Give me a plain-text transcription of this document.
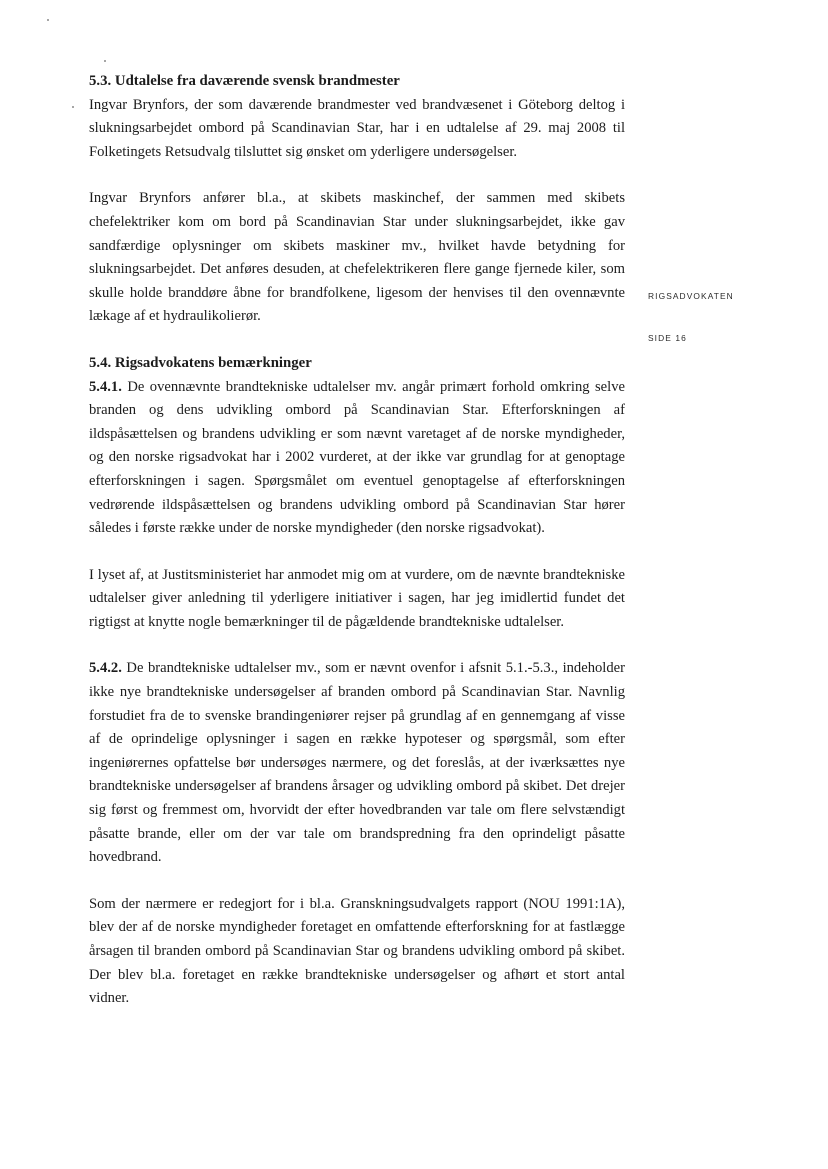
RIGSADVOKATEN
SIDE 16

5.3. Udtalelse fra daværende svensk brandmester

Ingvar Brynfors, der som daværende brandmester ved brandvæsenet i Göteborg deltog i slukningsarbejdet ombord på Scandinavian Star, har i en udtalelse af 29. maj 2008 til Folketingets Retsudvalg tilsluttet sig ønsket om yderligere undersøgelser.

Ingvar Brynfors anfører bl.a., at skibets maskinchef, der sammen med skibets chefelektriker kom om bord på Scandinavian Star under slukningsarbejdet, ikke gav sandfærdige oplysninger om skibets maskiner mv., hvilket havde betydning for slukningsarbejdet. Det anføres desuden, at chefelektrikeren flere gange fjernede kiler, som skulle holde branddøre åbne for brandfolkene, ligesom der henvises til den ovennævnte lækage af et hydraulikolierør.

5.4. Rigsadvokatens bemærkninger

5.4.1. De ovennævnte brandtekniske udtalelser mv. angår primært forhold omkring selve branden og dens udvikling ombord på Scandinavian Star. Efterforskningen af ildspåsættelsen og brandens udvikling er som nævnt varetaget af de norske myndigheder, og den norske rigsadvokat har i 2002 vurderet, at der ikke var grundlag for at genoptage efterforskningen i sagen. Spørgsmålet om eventuel genoptagelse af efterforskningen vedrørende ildspåsættelsen og brandens udvikling ombord på Scandinavian Star hører således i første række under de norske myndigheder (den norske rigsadvokat).

I lyset af, at Justitsministeriet har anmodet mig om at vurdere, om de nævnte brandtekniske udtalelser giver anledning til yderligere initiativer i sagen, har jeg imidlertid fundet det rigtigst at knytte nogle bemærkninger til de pågældende brandtekniske udtalelser.

5.4.2. De brandtekniske udtalelser mv., som er nævnt ovenfor i afsnit 5.1.-5.3., indeholder ikke nye brandtekniske undersøgelser af branden ombord på Scandinavian Star. Navnlig forstudiet fra de to svenske brandingeniører rejser på grundlag af en gennemgang af visse af de oprindelige oplysninger i sagen en række hypoteser og spørgsmål, som efter ingeniørernes opfattelse bør undersøges nærmere, og det foreslås, at der iværksættes nye brandtekniske undersøgelser af brandens årsager og udvikling ombord på skibet. Det drejer sig først og fremmest om, hvorvidt der efter hovedbranden var tale om flere selvstændigt påsatte brande, eller om der var tale om brandspredning fra den oprindeligt påsatte hovedbrand.

Som der nærmere er redegjort for i bl.a. Granskningsudvalgets rapport (NOU 1991:1A), blev der af de norske myndigheder foretaget en omfattende efterforskning for at fastlægge årsagen til branden ombord på Scandinavian Star og brandens udvikling ombord på skibet. Der blev bl.a. foretaget en række brandtekniske undersøgelser og afhørt et stort antal vidner.
